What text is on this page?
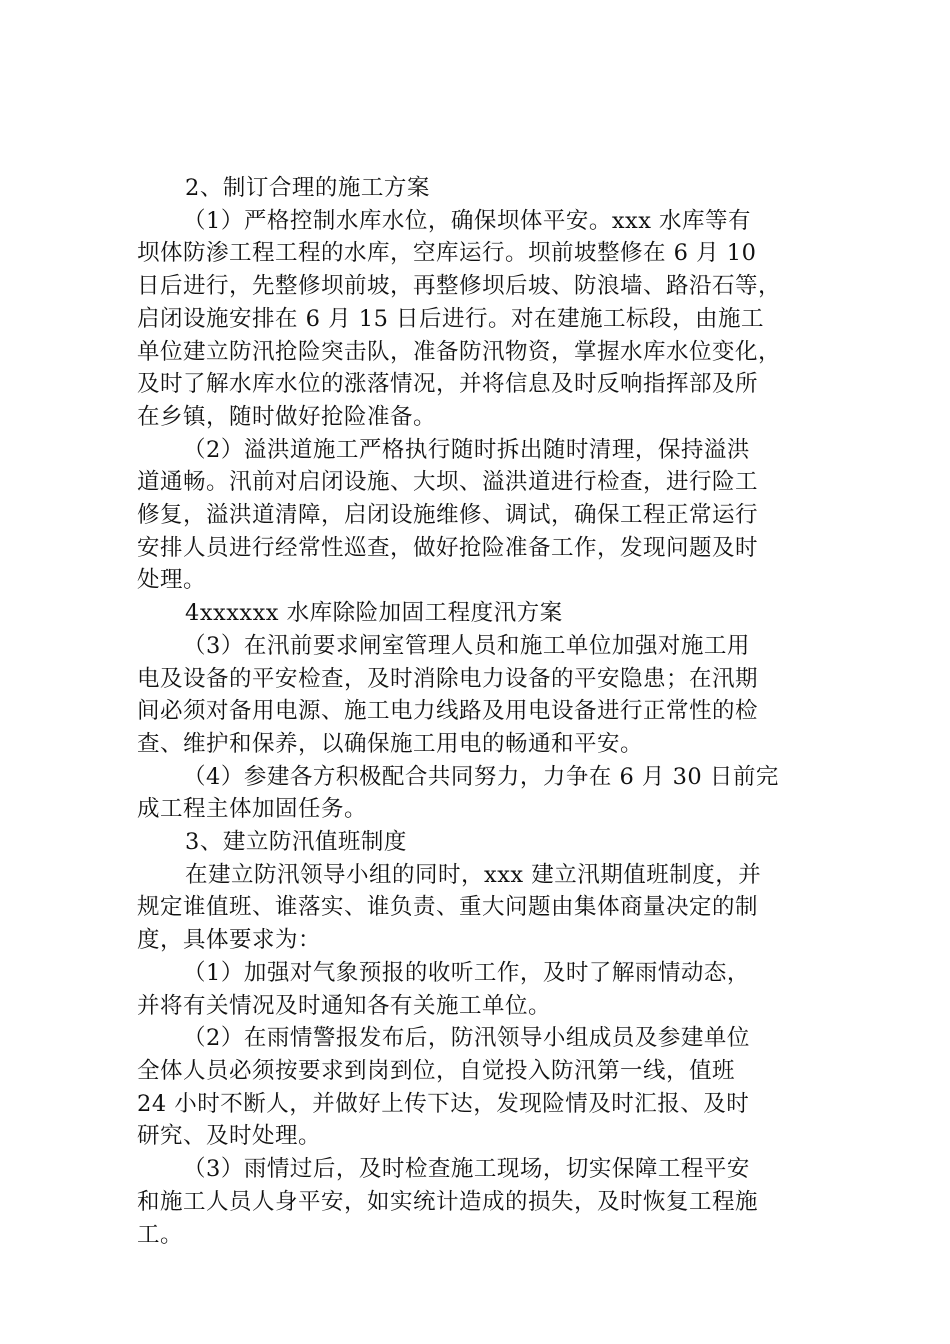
2、制订合理的施工方案
（1）严格控制水库水位，确保坝体平安。xxx 水库等有
坝体防渗工程工程的水库，空库运行。坝前坡整修在 6 月 10
日后进行，先整修坝前坡，再整修坝后坡、防浪墙、路沿石等，
启闭设施安排在 6 月 15 日后进行。对在建施工标段，由施工
单位建立防汛抢险突击队，准备防汛物资，掌握水库水位变化，
及时了解水库水位的涨落情况，并将信息及时反响指挥部及所
在乡镇，随时做好抢险准备。
（2）溢洪道施工严格执行随时拆出随时清理，保持溢洪
道通畅。汛前对启闭设施、大坝、溢洪道进行检查，进行险工
修复，溢洪道清障，启闭设施维修、调试，确保工程正常运行
安排人员进行经常性巡查，做好抢险准备工作，发现问题及时
处理。
4xxxxxx 水库除险加固工程度汛方案
（3）在汛前要求闸室管理人员和施工单位加强对施工用
电及设备的平安检查，及时消除电力设备的平安隐患；在汛期
间必须对备用电源、施工电力线路及用电设备进行正常性的检
查、维护和保养，以确保施工用电的畅通和平安。
（4）参建各方积极配合共同努力，力争在 6 月 30 日前完
成工程主体加固任务。
3、建立防汛值班制度
在建立防汛领导小组的同时，xxx 建立汛期值班制度，并
规定谁值班、谁落实、谁负责、重大问题由集体商量决定的制
度，具体要求为：
（1）加强对气象预报的收听工作，及时了解雨情动态，
并将有关情况及时通知各有关施工单位。
（2）在雨情警报发布后，防汛领导小组成员及参建单位
全体人员必须按要求到岗到位，自觉投入防汛第一线，值班
24 小时不断人，并做好上传下达，发现险情及时汇报、及时
研究、及时处理。
（3）雨情过后，及时检查施工现场，切实保障工程平安
和施工人员人身平安，如实统计造成的损失，及时恢复工程施
工。
